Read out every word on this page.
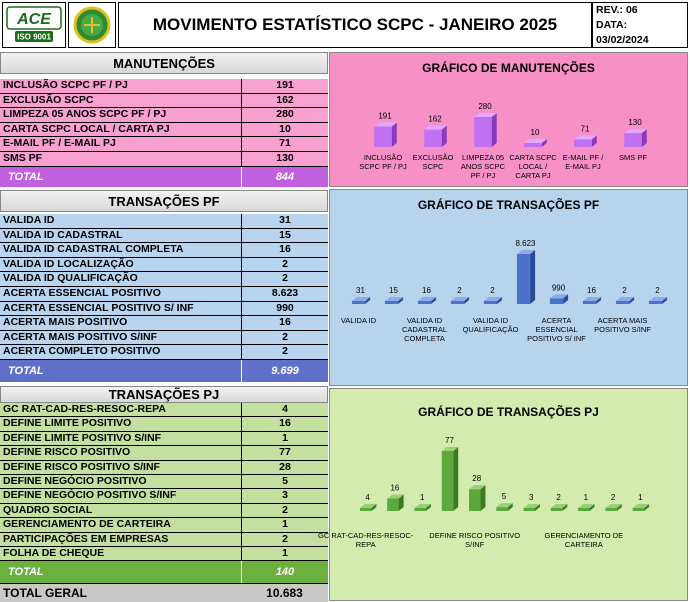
ACE
ISO 9001
MOVIMENTO ESTATÍSTICO SCPC - JANEIRO 2025
REV.: 06
DATA:
03/02/2024
MANUTENÇÕES
INCLUSÃO SCPC PF / PJ	191
EXCLUSÃO SCPC	162
LIMPEZA 05 ANOS SCPC PF / PJ	280
CARTA SCPC LOCAL / CARTA PJ	10
E-MAIL PF / E-MAIL PJ	71
SMS PF	130
TOTAL	844
TRANSAÇÕES PF
VALIDA ID	31
VALIDA ID CADASTRAL	15
VALIDA ID CADASTRAL COMPLETA	16
VALIDA ID LOCALIZAÇÃO	2
VALIDA ID QUALIFICAÇÃO	2
ACERTA ESSENCIAL POSITIVO	8.623
ACERTA ESSENCIAL POSITIVO S/ INF	990
ACERTA MAIS POSITIVO	16
ACERTA MAIS POSITIVO S/INF	2
ACERTA COMPLETO POSITIVO	2
TOTAL	9.699
TRANSAÇÕES PJ
GC RAT-CAD-RES-RESOC-REPA	4
DEFINE LIMITE POSITIVO	16
DEFINE LIMITE POSITIVO S/INF	1
DEFINE RISCO POSITIVO	77
DEFINE RISCO POSITIVO S/INF	28
DEFINE NEGÓCIO POSITIVO	5
DEFINE NEGÓCIO POSITIVO S/INF	3
QUADRO SOCIAL	2
GERENCIAMENTO DE CARTEIRA	1
PARTICIPAÇÕES EM EMPRESAS	2
FOLHA DE CHEQUE	1
TOTAL	140
TOTAL GERAL	10.683
GRÁFICO DE MANUTENÇÕES
191	162
280
10	71
130
INCLUSÃO SCPC PF / PJ
EXCLUSÃO SCPC
LIMPEZA 05 ANOS SCPC PF / PJ
CARTA SCPC LOCAL / CARTA PJ
E-MAIL PF / E-MAIL PJ
SMS PF
GRÁFICO DE TRANSAÇÕES PF
31	15	16	2	2
8.623
990	16	2	2
VALIDA ID	VALIDA ID CADASTRAL COMPLETA
VALIDA ID QUALIFICAÇÃO
ACERTA ESSENCIAL POSITIVO S/ INF
ACERTA MAIS POSITIVO S/INF
GRÁFICO DE TRANSAÇÕES PJ
4
16
1
77
28
5	3	2	1	2	1
GC RAT-CAD-RES-RESOC-REPA
DEFINE RISCO POSITIVO S/INF
GERENCIAMENTO DE CARTEIRA
